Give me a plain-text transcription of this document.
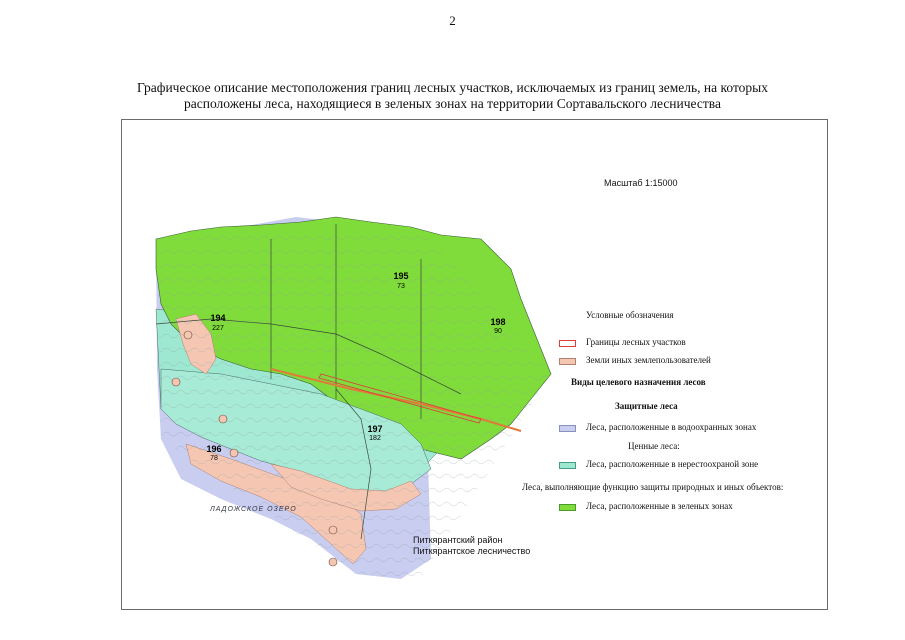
2
Графическое описание местоположения границ лесных участков, исключаемых из границ земель, на которых
расположены леса, находящиеся в зеленых зонах на территории Сортавальского лесничества
194
227
195
73
196
78
197
182
198
90
Масштаб 1:15000
ЛАДОЖСКОЕ ОЗЕРО
Питкярантский район
Питкярантское лесничество
Условные обозначения
Границы лесных участков
Земли иных землепользователей
Виды целевого назначения лесов
Защитные леса
Леса, расположенные в водоохранных зонах
Ценные леса:
Леса, расположенные в нерестоохраной зоне
Леса, выполняющие функцию защиты природных и иных объектов:
Леса, расположенные в зеленых зонах
